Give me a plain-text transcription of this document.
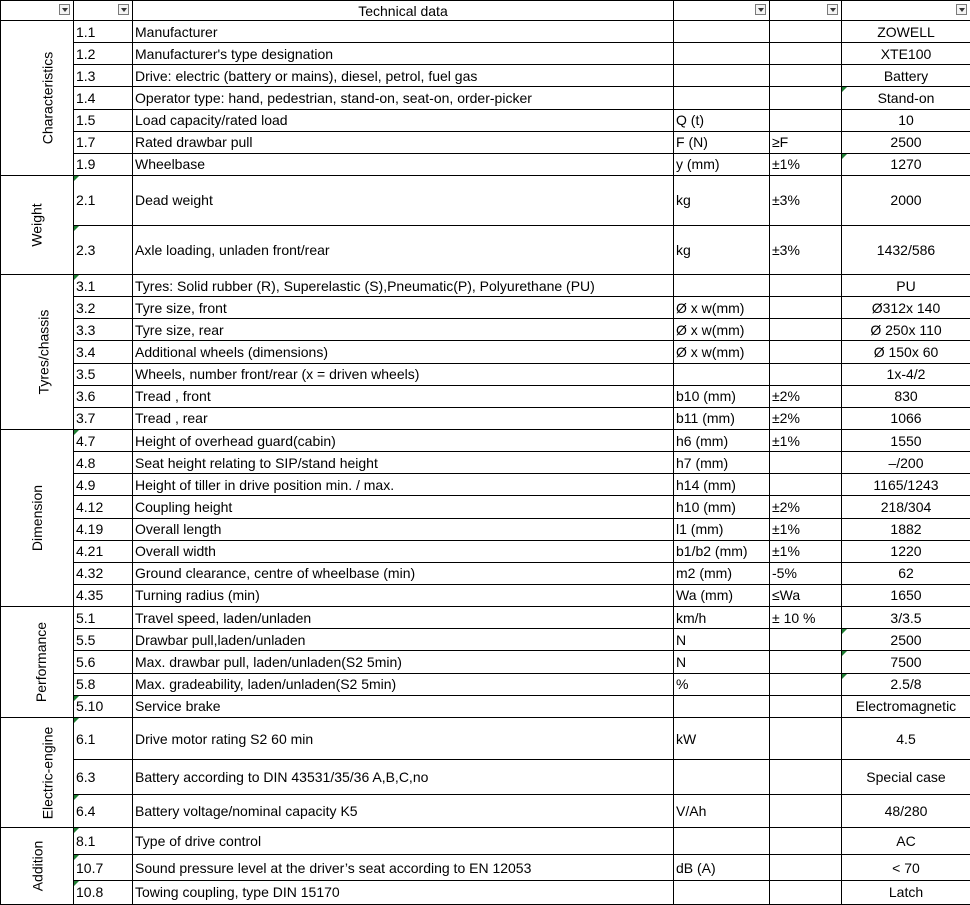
	Technical data	

Characteristics	1.1	Manufacturer			ZOWELL
	1.2	Manufacturer's type designation			XTE100
	1.3	Drive: electric (battery or mains), diesel, petrol, fuel gas			Battery
	1.4	Operator type: hand, pedestrian, stand-on, seat-on, order-picker			Stand-on

	1.5	Load capacity/rated load	Q (t)		10
	1.7	Rated drawbar pull	F (N)	≥F	2500
	1.9	Wheelbase	y (mm)	±1%	1270

Weight	2.1	Dead weight	kg	±3%	2000
	2.3	Axle loading, unladen front/rear	kg	±3%	1432/586
Tyres/chassis	3.1	Tyres: Solid rubber (R), Superelastic (S),Pneumatic(P), Polyurethane (PU)			PU
	3.2	Tyre size, front	Ø x w(mm)		Ø312x 140
	3.3	Tyre size, rear	Ø x w(mm)		Ø 250x 110
	3.4	Additional wheels (dimensions)	Ø x w(mm)		Ø 150x 60
	3.5	Wheels, number front/rear (x = driven wheels)			1x-4/2
	3.6	Tread , front	b10 (mm)	±2%	830
	3.7	Tread , rear	b11 (mm)	±2%	1066
Dimension	4.7	Height of overhead guard(cabin)	h6 (mm)	±1%	1550
	4.8	Seat height relating to SIP/stand height	h7 (mm)		–/200
	4.9	Height of tiller in drive position min. / max.	h14 (mm)		1165/1243
	4.12	Coupling height	h10 (mm)	±2%	218/304
	4.19	Overall length	l1 (mm)	±1%	1882
	4.21	Overall width	b1/b2 (mm)	±1%	1220
	4.32	Ground clearance, centre of wheelbase (min)	m2 (mm)	-5%	62
	4.35	Turning radius (min)	Wa (mm)	≤Wa	1650
Performance	5.1	Travel speed, laden/unladen	km/h	± 10 %	3/3.5
	5.5	Drawbar pull,laden/unladen	N		2500

	5.6	Max. drawbar pull, laden/unladen(S2 5min)	N		7500

	5.8	Max. gradeability, laden/unladen(S2 5min)	%		2.5/8

	5.10	Service brake			Electromagnetic
Electric-engine	6.1	Drive motor rating S2 60 min	kW		4.5
	6.3	Battery according to DIN 43531/35/36 A,B,C,no			Special case
	6.4	Battery voltage/nominal capacity K5	V/Ah		48/280
Addition	8.1	Type of drive control			AC
	10.7	Sound pressure level at the driver’s seat according to EN 12053	dB (A)		< 70
	10.8	Towing coupling, type DIN 15170			Latch
